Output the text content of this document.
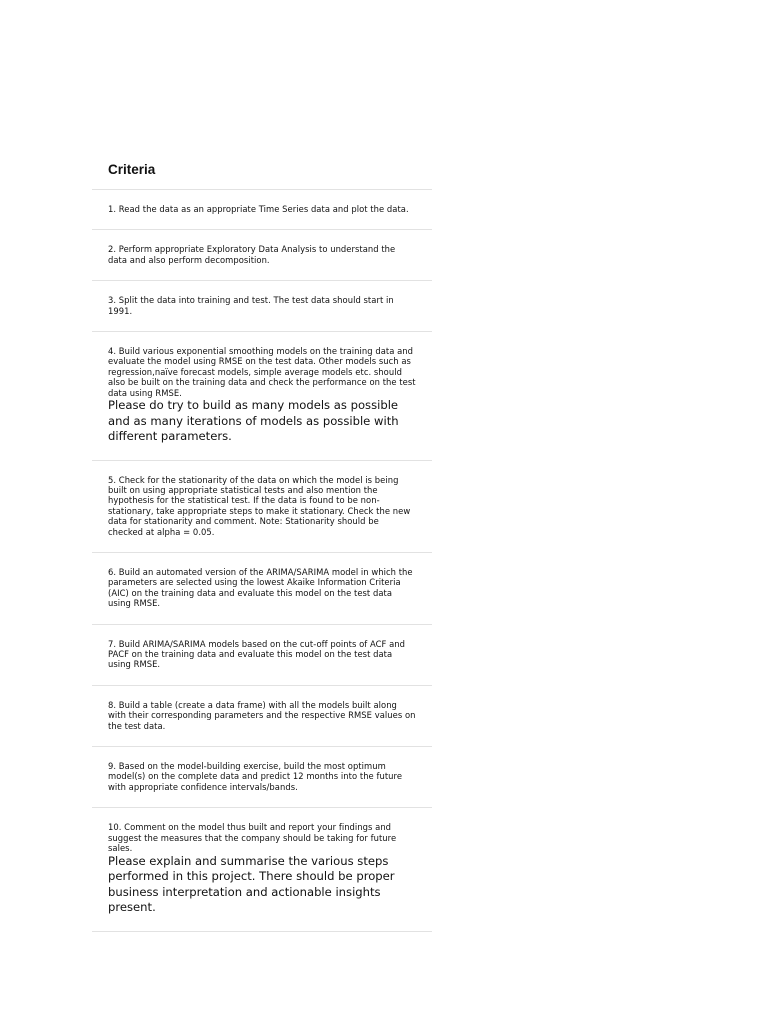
Criteria

1. Read the data as an appropriate Time Series data and plot the data.

2. Perform appropriate Exploratory Data Analysis to understand the data and also perform decomposition.

3. Split the data into training and test. The test data should start in 1991.

4. Build various exponential smoothing models on the training data and evaluate the model using RMSE on the test data. Other models such as regression,naïve forecast models, simple average models etc. should also be built on the training data and check the performance on the test data using RMSE.

Please do try to build as many models as possible and as many iterations of models as possible with different parameters.

5. Check for the stationarity of the data on which the model is being built on using appropriate statistical tests and also mention the hypothesis for the statistical test. If the data is found to be non-stationary, take appropriate steps to make it stationary. Check the new data for stationarity and comment. Note: Stationarity should be checked at alpha = 0.05.

6. Build an automated version of the ARIMA/SARIMA model in which the parameters are selected using the lowest Akaike Information Criteria (AIC) on the training data and evaluate this model on the test data using RMSE.

7. Build ARIMA/SARIMA models based on the cut-off points of ACF and PACF on the training data and evaluate this model on the test data using RMSE.

8. Build a table (create a data frame) with all the models built along with their corresponding parameters and the respective RMSE values on the test data.

9. Based on the model-building exercise, build the most optimum model(s) on the complete data and predict 12 months into the future with appropriate confidence intervals/bands.

10. Comment on the model thus built and report your findings and suggest the measures that the company should be taking for future sales.

Please explain and summarise the various steps performed in this project. There should be proper business interpretation and actionable insights present.
